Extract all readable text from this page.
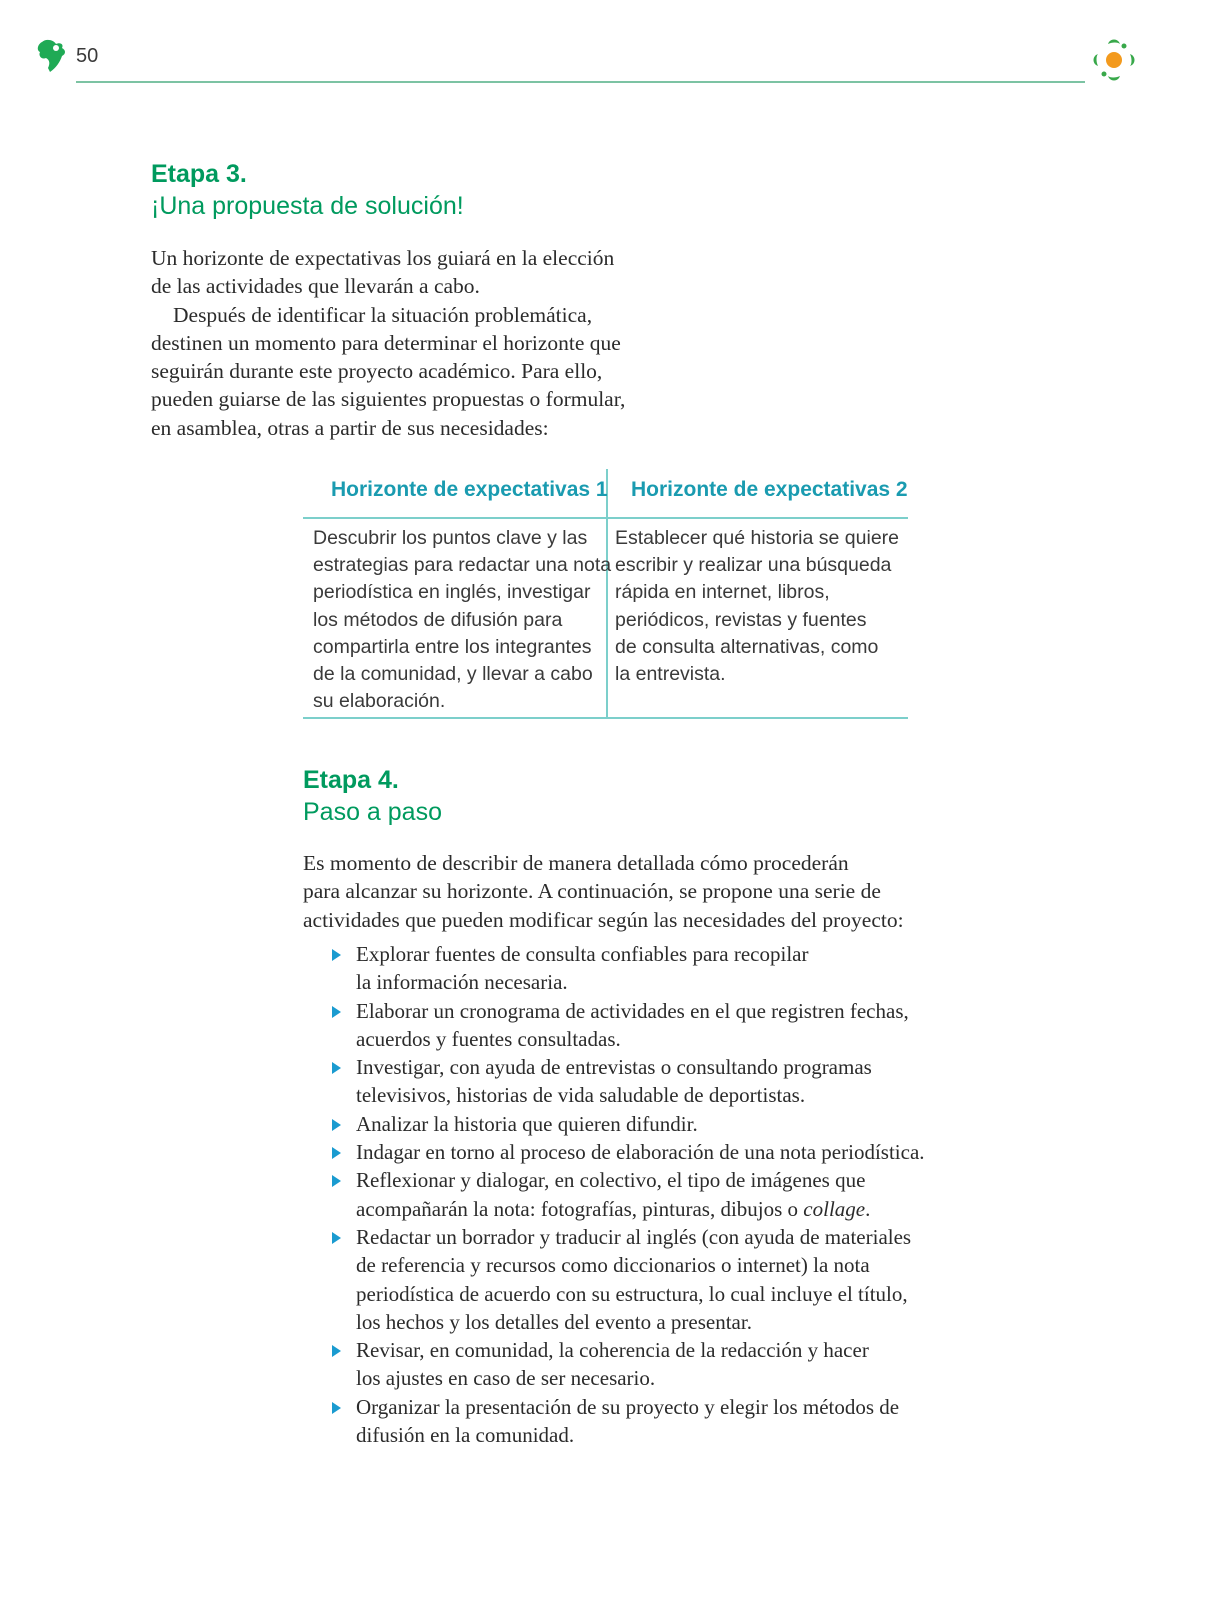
50
Etapa 3.
¡Una propuesta de solución!

Un horizonte de expectativas los guiará en la elección

de las actividades que llevarán a cabo.

Después de identificar la situación problemática,

destinen un momento para determinar el horizonte que

seguirán durante este proyecto académico. Para ello,

pueden guiarse de las siguientes propuestas o formular,

en asamblea, otras a partir de sus necesidades:

Horizonte de expectativas 1 Horizonte de expectativas 2

Descubrir los puntos clave y las

estrategias para redactar una nota

periodística en inglés, investigar

los métodos de difusión para

compartirla entre los integrantes

de la comunidad, y llevar a cabo

su elaboración.

Establecer qué historia se quiere

escribir y realizar una búsqueda

rápida en internet, libros,

periódicos, revistas y fuentes

de consulta alternativas, como

la entrevista.

Etapa 4.
Paso a paso

Es momento de describir de manera detallada cómo procederán

para alcanzar su horizonte. A continuación, se propone una serie de

actividades que pueden modificar según las necesidades del proyecto:

Explorar fuentes de consulta confiables para recopilar

la información necesaria.

Elaborar un cronograma de actividades en el que registren fechas,

acuerdos y fuentes consultadas.

Investigar, con ayuda de entrevistas o consultando programas

televisivos, historias de vida saludable de deportistas.

Analizar la historia que quieren difundir.

Indagar en torno al proceso de elaboración de una nota periodística.

Reflexionar y dialogar, en colectivo, el tipo de imágenes que

acompañarán la nota: fotografías, pinturas, dibujos o collage.

Redactar un borrador y traducir al inglés (con ayuda de materiales

de referencia y recursos como diccionarios o internet) la nota

periodística de acuerdo con su estructura, lo cual incluye el título,

los hechos y los detalles del evento a presentar.

Revisar, en comunidad, la coherencia de la redacción y hacer

los ajustes en caso de ser necesario.

Organizar la presentación de su proyecto y elegir los métodos de

difusión en la comunidad.
